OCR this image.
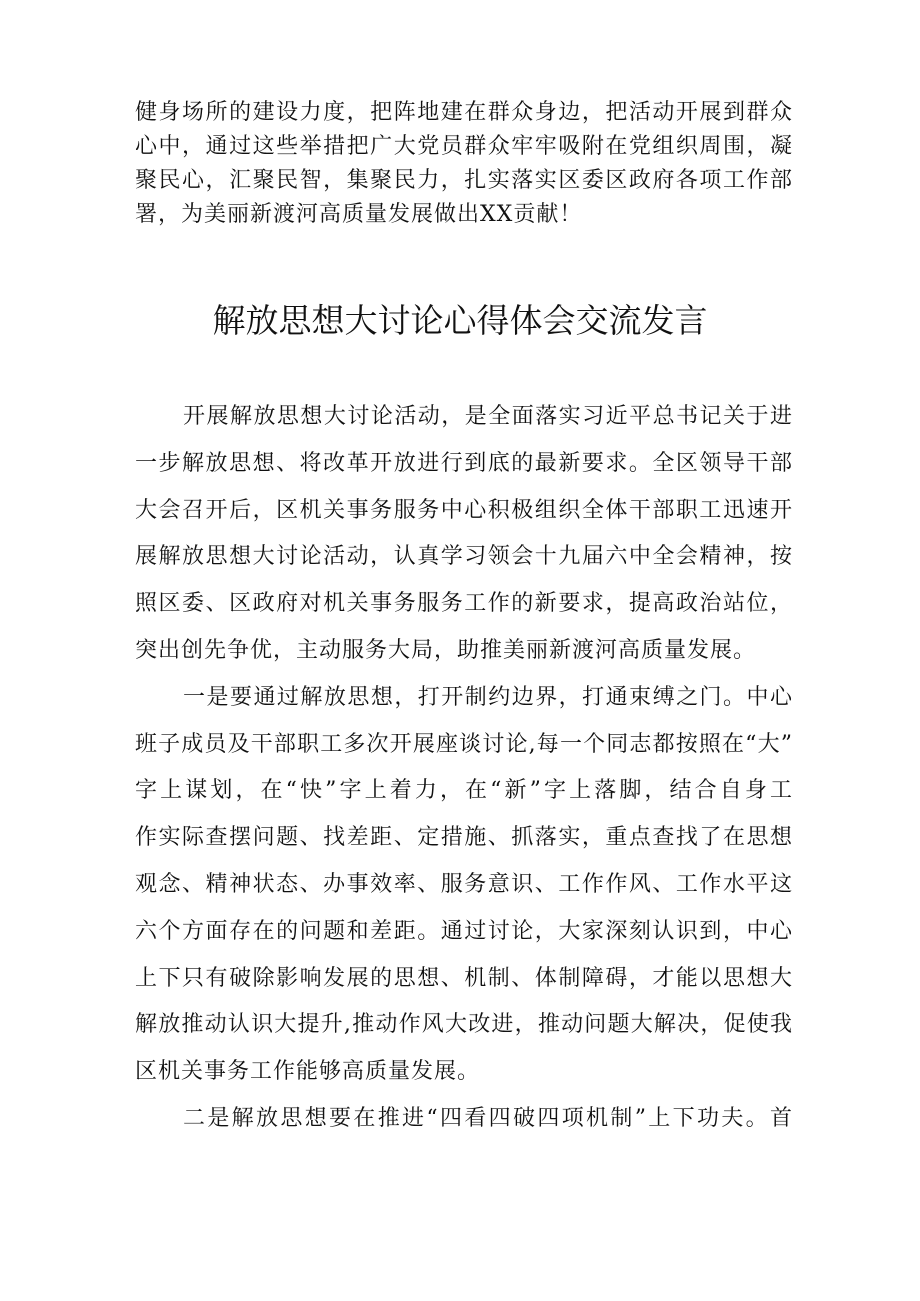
健身场所的建设力度，把阵地建在群众身边，把活动开展到群众
心中，通过这些举措把广大党员群众牢牢吸附在党组织周围，凝
聚民心，汇聚民智，集聚民力，扎实落实区委区政府各项工作部
署，为美丽新渡河高质量发展做出XX贡献！
解放思想大讨论心得体会交流发言
开展解放思想大讨论活动，是全面落实习近平总书记关于进
一步解放思想、将改革开放进行到底的最新要求。全区领导干部
大会召开后，区机关事务服务中心积极组织全体干部职工迅速开
展解放思想大讨论活动，认真学习领会十九届六中全会精神，按
照区委、区政府对机关事务服务工作的新要求，提高政治站位，
突出创先争优，主动服务大局，助推美丽新渡河高质量发展。
一是要通过解放思想，打开制约边界，打通束缚之门。中心
班子成员及干部职工多次开展座谈讨论,每一个同志都按照在“大”
字上谋划，在“快”字上着力，在“新”字上落脚，结合自身工
作实际查摆问题、找差距、定措施、抓落实，重点查找了在思想
观念、精神状态、办事效率、服务意识、工作作风、工作水平这
六个方面存在的问题和差距。通过讨论，大家深刻认识到，中心
上下只有破除影响发展的思想、机制、体制障碍，才能以思想大
解放推动认识大提升,推动作风大改进，推动问题大解决，促使我
区机关事务工作能够高质量发展。
二是解放思想要在推进“四看四破四项机制”上下功夫。首
